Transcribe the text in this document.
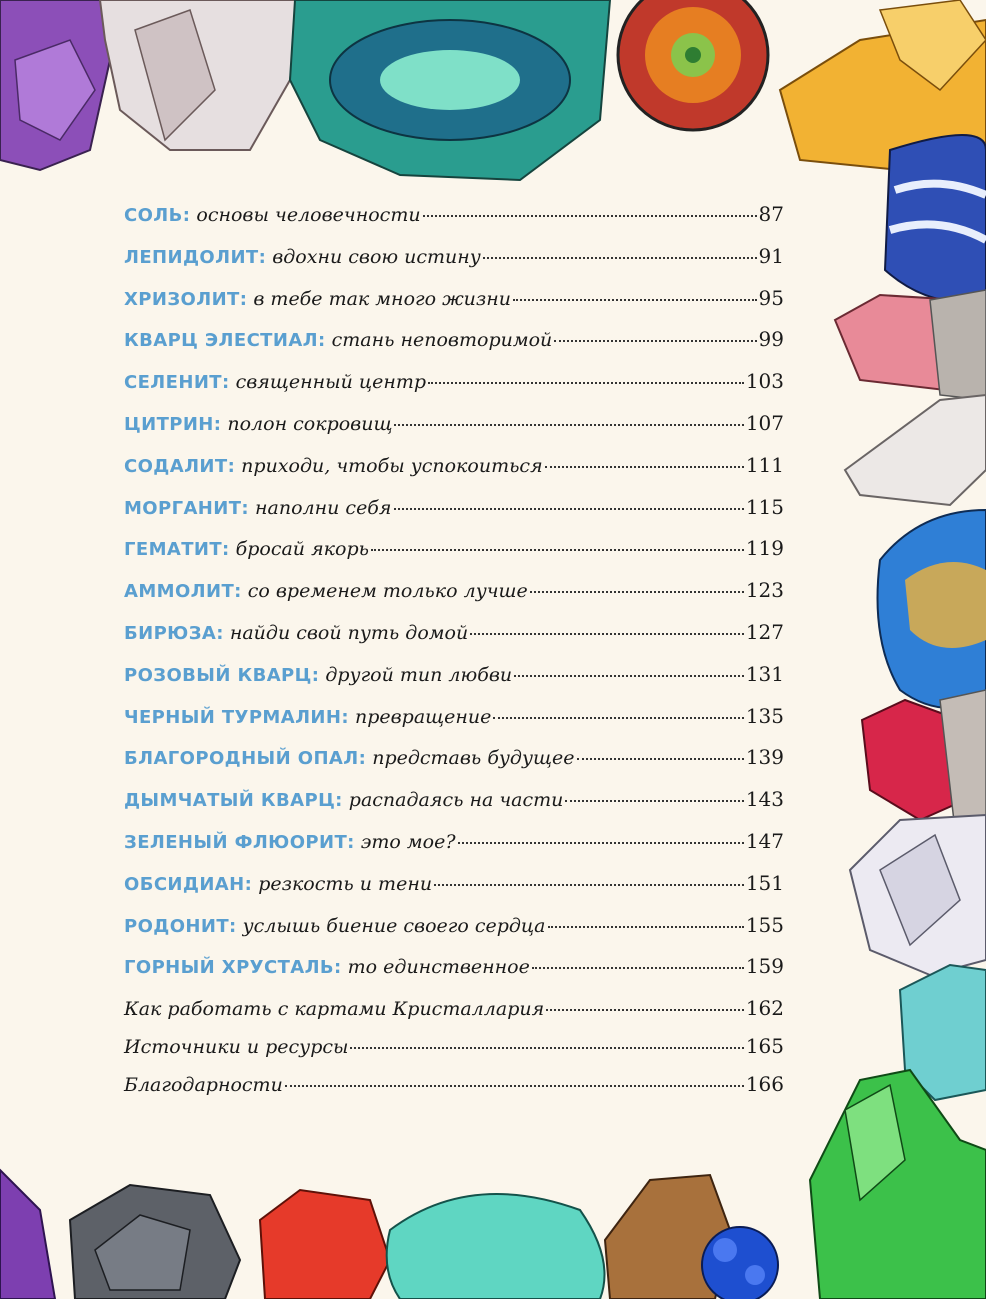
СОЛЬ: основы человечности	87
ЛЕПИДОЛИТ: вдохни свою истину	91
ХРИЗОЛИТ: в тебе так много жизни	95
КВАРЦ ЭЛЕСТИАЛ: стань неповторимой	99
СЕЛЕНИТ: священный центр	103
ЦИТРИН: полон сокровищ	107
СОДАЛИТ: приходи, чтобы успокоиться	111
МОРГАНИТ: наполни себя	115
ГЕМАТИТ: бросай якорь	119
АММОЛИТ: со временем только лучше	123
БИРЮЗА: найди свой путь домой	127
РОЗОВЫЙ КВАРЦ: другой тип любви	131
ЧЕРНЫЙ ТУРМАЛИН: превращение	135
БЛАГОРОДНЫЙ ОПАЛ: представь будущее	139
ДЫМЧАТЫЙ КВАРЦ: распадаясь на части	143
ЗЕЛЕНЫЙ ФЛЮОРИТ: это мое?	147
ОБСИДИАН: резкость и тени	151
РОДОНИТ: услышь биение своего сердца	155
ГОРНЫЙ ХРУСТАЛЬ: то единственное	159
Как работать с картами Кристаллария	162
Источники и ресурсы	165
Благодарности	166
